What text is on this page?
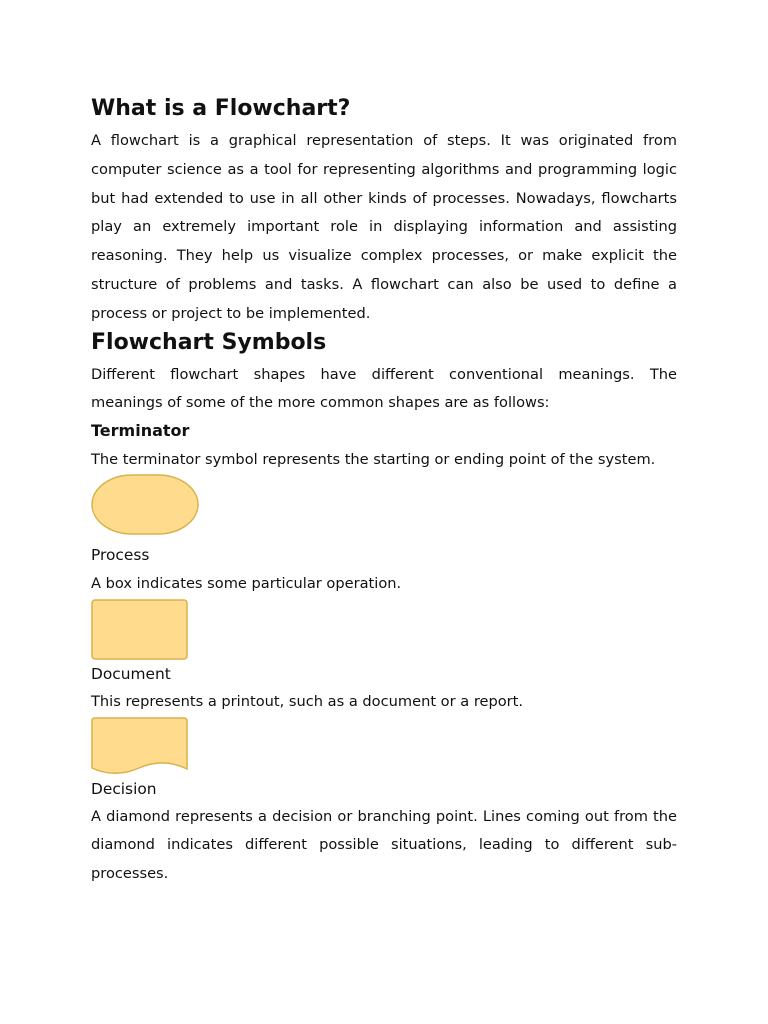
What is a Flowchart?

A flowchart is a graphical representation of steps. It was originated from computer science as a tool for representing algorithms and programming logic but had extended to use in all other kinds of processes. Nowadays, flowcharts play an extremely important role in displaying information and assisting reasoning. They help us visualize complex processes, or make explicit the structure of problems and tasks. A flowchart can also be used to define a process or project to be implemented.

Flowchart Symbols

Different flowchart shapes have different conventional meanings. The meanings of some of the more common shapes are as follows:

Terminator

The terminator symbol represents the starting or ending point of the system.

Process

A box indicates some particular operation.

Document

This represents a printout, such as a document or a report.

Decision

A diamond represents a decision or branching point. Lines coming out from the diamond indicates different possible situations, leading to different sub-processes.
